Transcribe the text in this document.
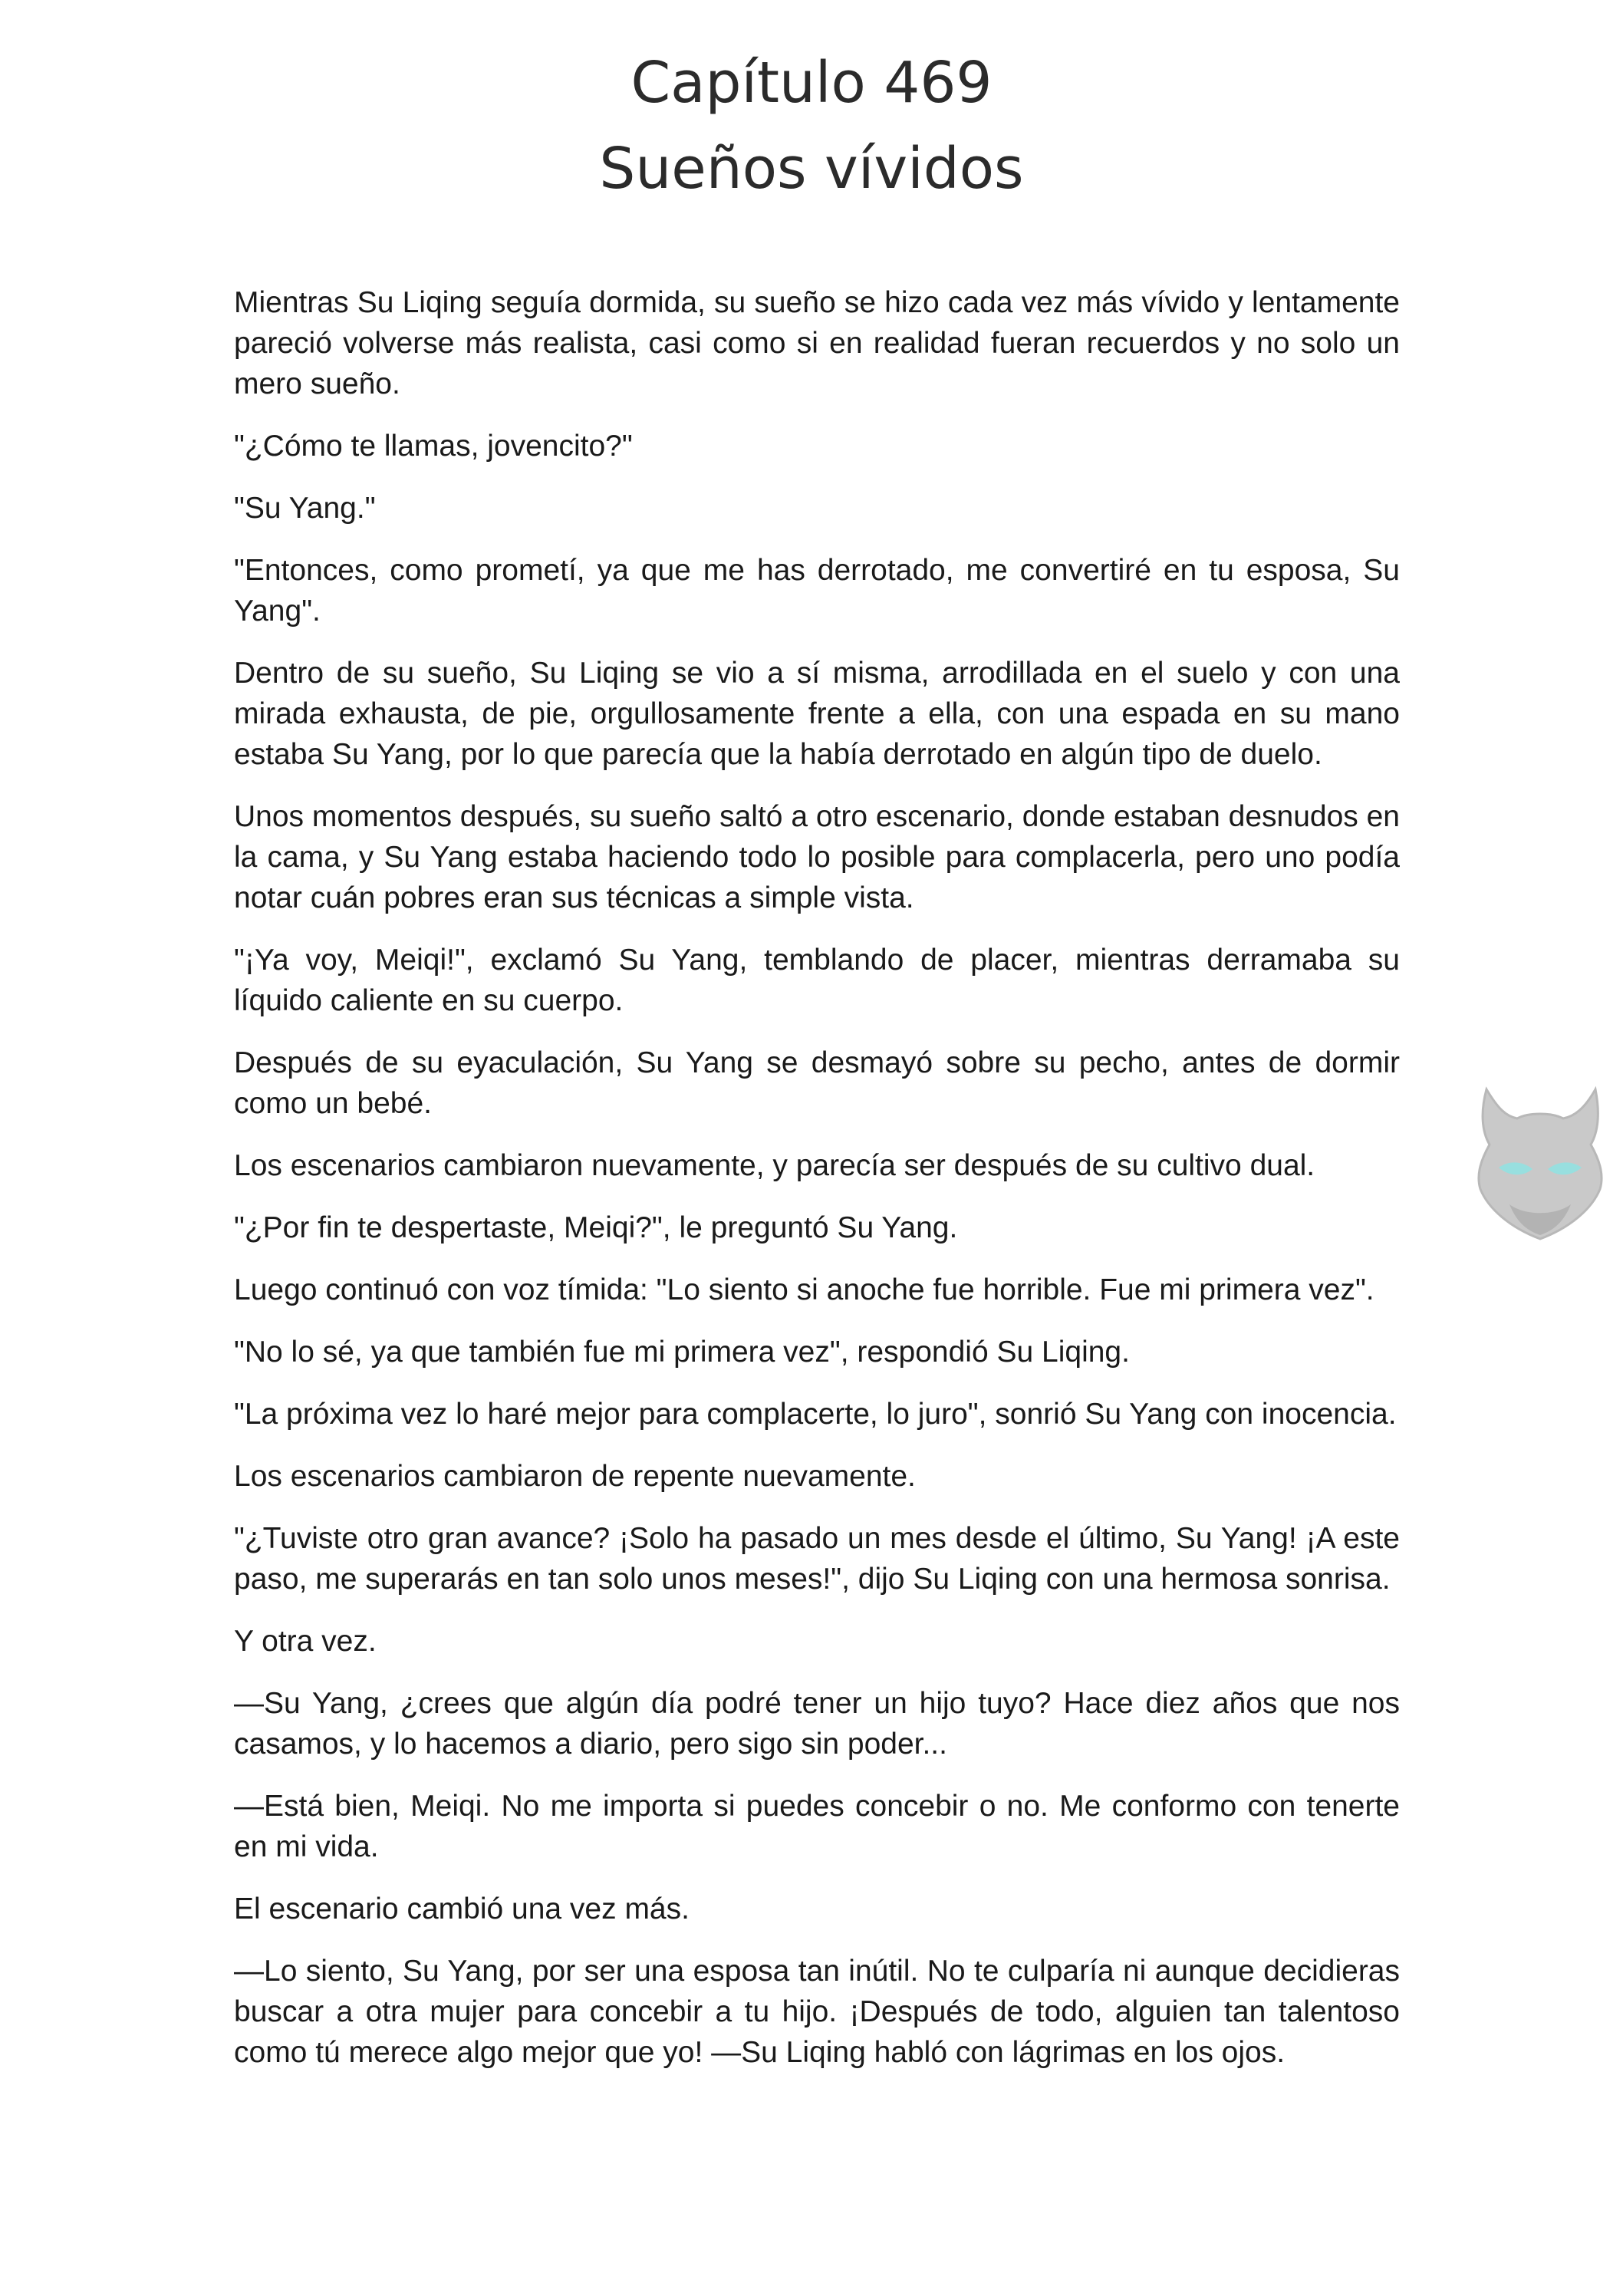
Capítulo 469
Sueños vívidos

Mientras Su Liqing seguía dormida, su sueño se hizo cada vez más vívido y lentamente pareció volverse más realista, casi como si en realidad fueran recuerdos y no solo un mero sueño.

"¿Cómo te llamas, jovencito?"

"Su Yang."

"Entonces, como prometí, ya que me has derrotado, me convertiré en tu esposa, Su Yang".

Dentro de su sueño, Su Liqing se vio a sí misma, arrodillada en el suelo y con una mirada exhausta, de pie, orgullosamente frente a ella, con una espada en su mano estaba Su Yang, por lo que parecía que la había derrotado en algún tipo de duelo.

Unos momentos después, su sueño saltó a otro escenario, donde estaban desnudos en la cama, y Su Yang estaba haciendo todo lo posible para complacerla, pero uno podía notar cuán pobres eran sus técnicas a simple vista.

"¡Ya voy, Meiqi!", exclamó Su Yang, temblando de placer, mientras derramaba su líquido caliente en su cuerpo.

Después de su eyaculación, Su Yang se desmayó sobre su pecho, antes de dormir como un bebé.

Los escenarios cambiaron nuevamente, y parecía ser después de su cultivo dual.

"¿Por fin te despertaste, Meiqi?", le preguntó Su Yang.

Luego continuó con voz tímida: "Lo siento si anoche fue horrible. Fue mi primera vez".

"No lo sé, ya que también fue mi primera vez", respondió Su Liqing.

"La próxima vez lo haré mejor para complacerte, lo juro", sonrió Su Yang con inocencia.

Los escenarios cambiaron de repente nuevamente.

"¿Tuviste otro gran avance? ¡Solo ha pasado un mes desde el último, Su Yang! ¡A este paso, me superarás en tan solo unos meses!", dijo Su Liqing con una hermosa sonrisa.

Y otra vez.

—Su Yang, ¿crees que algún día podré tener un hijo tuyo? Hace diez años que nos casamos, y lo hacemos a diario, pero sigo sin poder...

—Está bien, Meiqi. No me importa si puedes concebir o no. Me conformo con tenerte en mi vida.

El escenario cambió una vez más.

—Lo siento, Su Yang, por ser una esposa tan inútil. No te culparía ni aunque decidieras buscar a otra mujer para concebir a tu hijo. ¡Después de todo, alguien tan talentoso como tú merece algo mejor que yo! —Su Liqing habló con lágrimas en los ojos.
